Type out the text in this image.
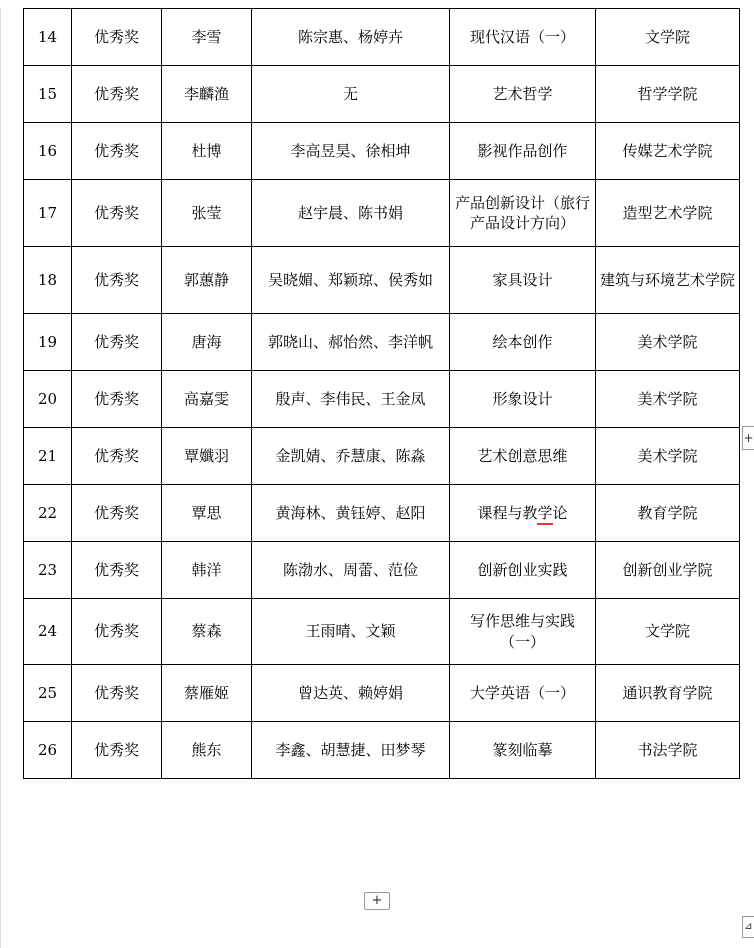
14	优秀奖	李雪	陈宗惠、杨婷卉	现代汉语（一）	文学院
15	优秀奖	李麟渔	无	艺术哲学	哲学学院
16	优秀奖	杜博	李高昱昊、徐相坤	影视作品创作	传媒艺术学院
17	优秀奖	张莹	赵宇晨、陈书娟	产品创新设计（旅行产品设计方向）	造型艺术学院
18	优秀奖	郭蕙静	吴晓媚、郑颖琼、侯秀如	家具设计	建筑与环境艺术学院
19	优秀奖	唐海	郭晓山、郝怡然、李洋帆	绘本创作	美术学院
20	优秀奖	高嘉雯	殷声、李伟民、王金凤	形象设计	美术学院
21	优秀奖	覃孅羽	金凯婧、乔慧康、陈淼	艺术创意思维	美术学院
22	优秀奖	覃思	黄海林、黄钰婷、赵阳	课程与教学论	教育学院
23	优秀奖	韩洋	陈渤水、周蕾、范俭	创新创业实践	创新创业学院
24	优秀奖	蔡森	王雨晴、文颖	写作思维与实践（一）	文学院
25	优秀奖	蔡雁姬	曾达英、赖婷娟	大学英语（一）	通识教育学院
26	优秀奖	熊东	李鑫、胡慧捷、田梦琴	篆刻临摹	书法学院
+
+
⊿
